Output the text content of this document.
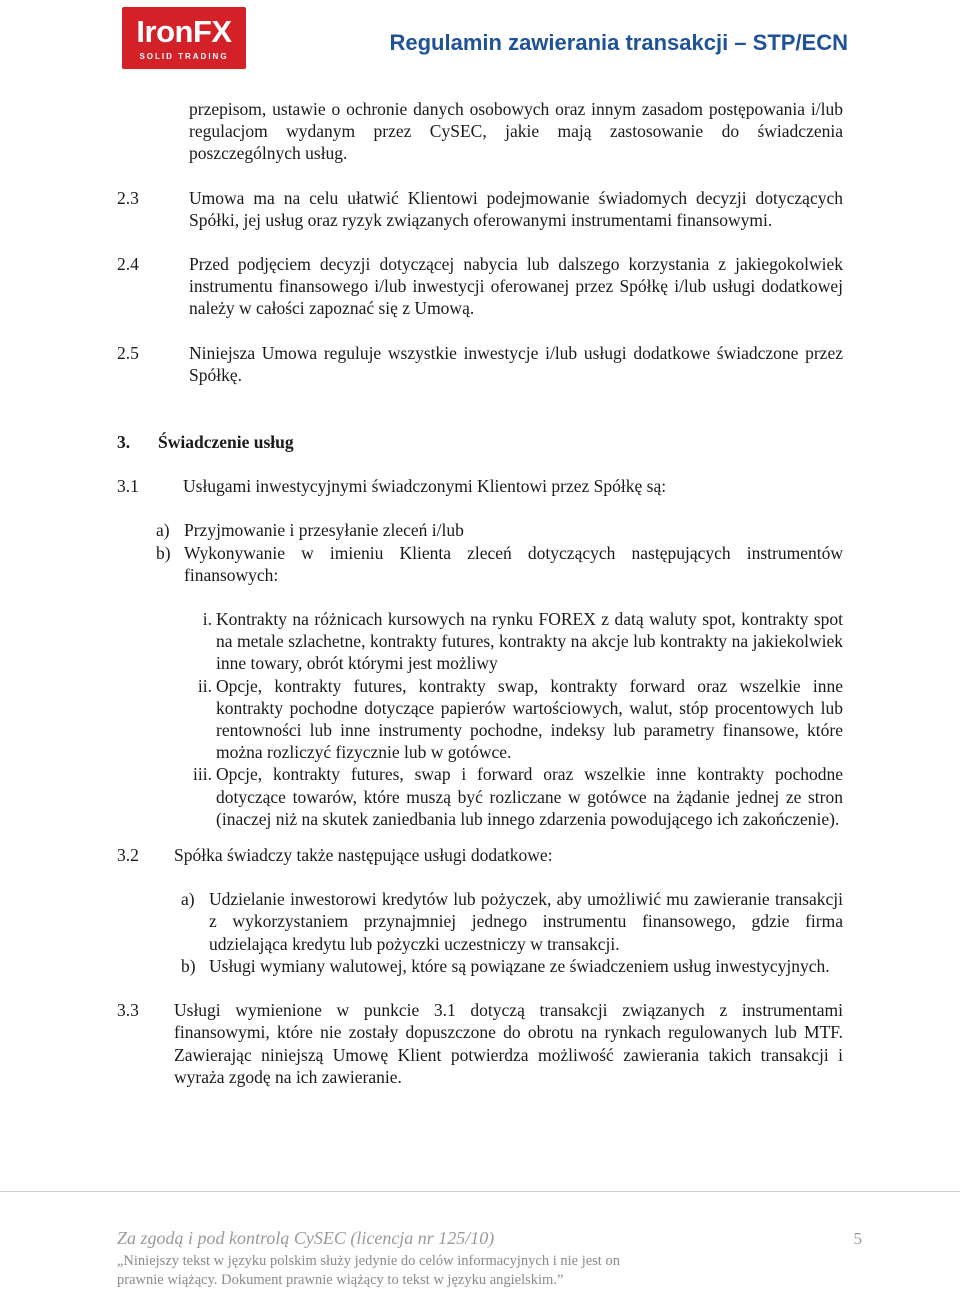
IronFX
SOLID TRADING
Regulamin zawierania transakcji – STP/ECN

przepisom, ustawie o ochronie danych osobowych oraz innym zasadom postępowania i/lub regulacjom wydanym przez CySEC, jakie mają zastosowanie do świadczenia poszczególnych usług.

2.3	Umowa ma na celu ułatwić Klientowi podejmowanie świadomych decyzji dotyczących Spółki, jej usług oraz ryzyk związanych oferowanymi instrumentami finansowymi.
2.4	Przed podjęciem decyzji dotyczącej nabycia lub dalszego korzystania z jakiegokolwiek instrumentu finansowego i/lub inwestycji oferowanej przez Spółkę i/lub usługi dodatkowej należy w całości zapoznać się z Umową.
2.5	Niniejsza Umowa reguluje wszystkie inwestycje i/lub usługi dodatkowe świadczone przez Spółkę.
3.	Świadczenie usług
3.1	Usługami inwestycyjnymi świadczonymi Klientowi przez Spółkę są:
a) Przyjmowanie i przesyłanie zleceń i/lub
b) Wykonywanie w imieniu Klienta zleceń dotyczących następujących instrumentów finansowych:
i. Kontrakty na różnicach kursowych na rynku FOREX z datą waluty spot, kontrakty spot na metale szlachetne, kontrakty futures, kontrakty na akcje lub kontrakty na jakiekolwiek inne towary, obrót którymi jest możliwy
ii. Opcje, kontrakty futures, kontrakty swap, kontrakty forward oraz wszelkie inne kontrakty pochodne dotyczące papierów wartościowych, walut, stóp procentowych lub rentowności lub inne instrumenty pochodne, indeksy lub parametry finansowe, które można rozliczyć fizycznie lub w gotówce.
iii. Opcje, kontrakty futures, swap i forward oraz wszelkie inne kontrakty pochodne dotyczące towarów, które muszą być rozliczane w gotówce na żądanie jednej ze stron (inaczej niż na skutek zaniedbania lub innego zdarzenia powodującego ich zakończenie).
3.2	Spółka świadczy także następujące usługi dodatkowe:
a) Udzielanie inwestorowi kredytów lub pożyczek, aby umożliwić mu zawieranie transakcji z wykorzystaniem przynajmniej jednego instrumentu finansowego, gdzie firma udzielająca kredytu lub pożyczki uczestniczy w transakcji.
b) Usługi wymiany walutowej, które są powiązane ze świadczeniem usług inwestycyjnych.
3.3	Usługi wymienione w punkcie 3.1 dotyczą transakcji związanych z instrumentami finansowymi, które nie zostały dopuszczone do obrotu na rynkach regulowanych lub MTF. Zawierając niniejszą Umowę Klient potwierdza możliwość zawierania takich transakcji i wyraża zgodę na ich zawieranie.
Za zgodą i pod kontrolą CySEC (licencja nr 125/10)	5
„Niniejszy tekst w języku polskim służy jedynie do celów informacyjnych i nie jest on prawnie wiążący. Dokument prawnie wiążący to tekst w języku angielskim.”
